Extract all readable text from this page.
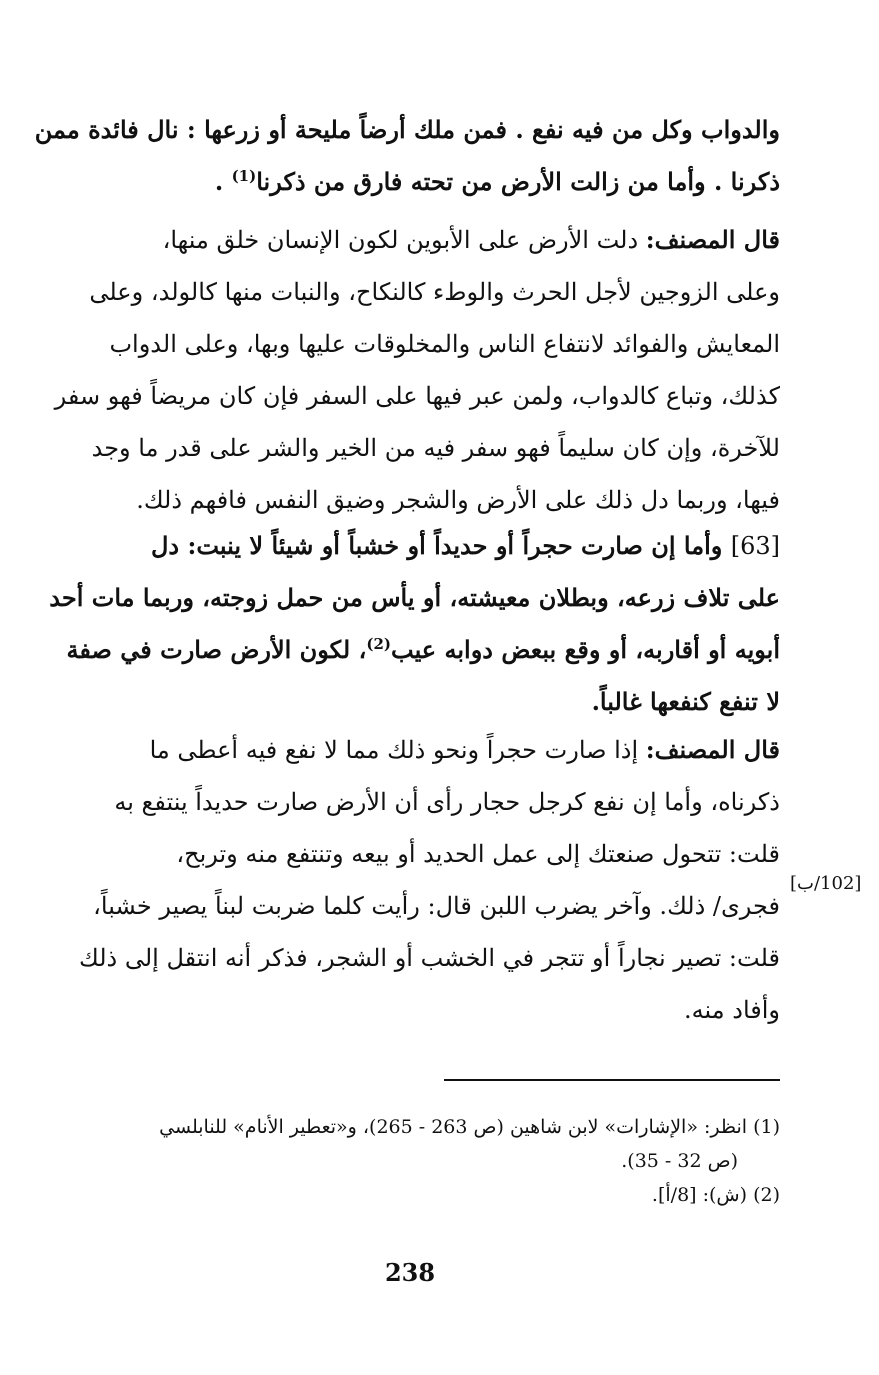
والدواب وكل من فيه نفع . فمن ملك أرضاً مليحة أو زرعها : نال فائدة ممن
ذكرنا . وأما من زالت الأرض من تحته فارق من ذكرنا$^{(1)}$ .
قال المصنف: دلت الأرض على الأبوين لكون الإنسان خلق منها،
وعلى الزوجين لأجل الحرث والوطء كالنكاح، والنبات منها كالولد، وعلى
المعايش والفوائد لانتفاع الناس والمخلوقات عليها وبها، وعلى الدواب
كذلك، وتباع كالدواب، ولمن عبر فيها على السفر فإن كان مريضاً فهو سفر
للآخرة، وإن كان سليماً فهو سفر فيه من الخير والشر على قدر ما وجد
فيها، وربما دل ذلك على الأرض والشجر وضيق النفس فافهم ذلك.
[63] وأما إن صارت حجراً أو حديداً أو خشباً أو شيئاً لا ينبت: دل
على تلاف زرعه، وبطلان معيشته، أو يأس من حمل زوجته، وربما مات أحد
أبويه أو أقاربه، أو وقع ببعض دوابه عيب$^{(2)}$، لكون الأرض صارت في صفة
لا تنفع كنفعها غالباً.
قال المصنف: إذا صارت حجراً ونحو ذلك مما لا نفع فيه أعطى ما
ذكرناه، وأما إن نفع كرجل حجار رأى أن الأرض صارت حديداً ينتفع به
قلت: تتحول صنعتك إلى عمل الحديد أو بيعه وتنتفع منه وتربح،
فجرى/ ذلك. وآخر يضرب اللبن قال: رأيت كلما ضربت لبناً يصير خشباً،
قلت: تصير نجاراً أو تتجر في الخشب أو الشجر، فذكر أنه انتقل إلى ذلك
وأفاد منه.
[102/ب]
(1) انظر: «الإشارات» لابن شاهين (ص 263 - 265)، و«تعطير الأنام» للنابلسي
(ص 32 - 35).
(2) (ش): [8/أ].
238
